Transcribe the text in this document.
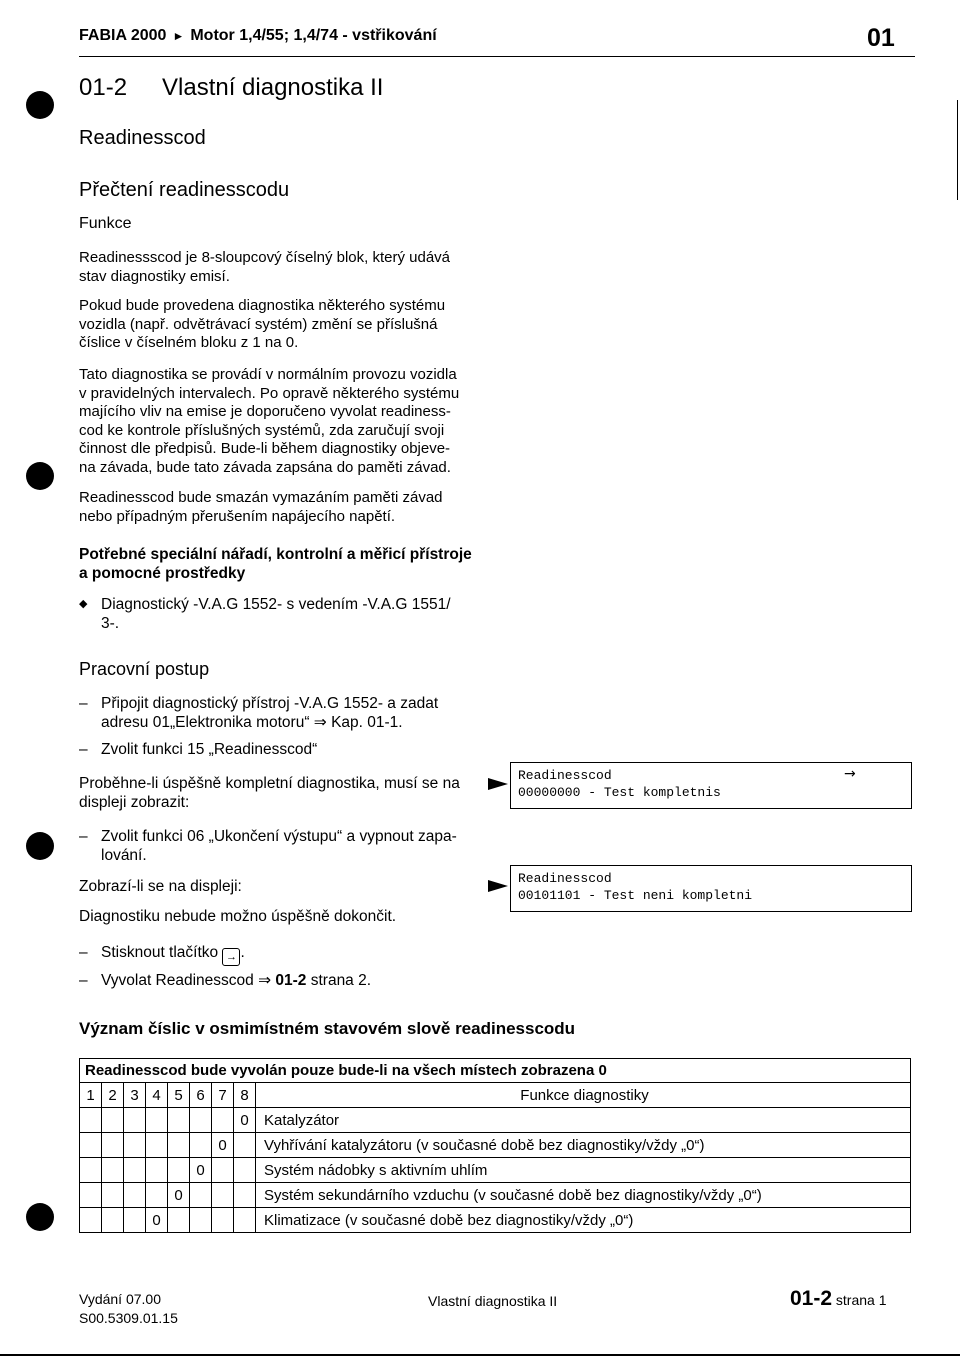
FABIA 2000 ► Motor 1,4/55; 1,4/74 - vstřikování	01
01-2 Vlastní diagnostika II
Readinesscod
Přečtení readinesscodu
Funkce
Readinessscod je 8-sloupcový číselný blok, který udává
stav diagnostiky emisí.
Pokud bude provedena diagnostika některého systému
vozidla (např. odvětrávací systém) změní se příslušná
číslice v číselném bloku z 1 na 0.
Tato diagnostika se provádí v normálním provozu vozidla
v pravidelných intervalech. Po opravě některého systému
majícího vliv na emise je doporučeno vyvolat readiness-
cod ke kontrole příslušných systémů, zda zaručují svoji
činnost dle předpisů. Bude-li během diagnostiky objeve-
na závada, bude tato závada zapsána do paměti závad.
Readinesscod bude smazán vymazáním paměti závad
nebo případným přerušením napájecího napětí.
Potřebné speciální nářadí, kontrolní a měřicí přístroje
a pomocné prostředky
◆ Diagnostický -V.A.G 1552- s vedením -V.A.G 1551/
3-.
Pracovní postup
– Připojit diagnostický přístroj -V.A.G 1552- a zadat
adresu 01„Elektronika motoru“ ⇒ Kap. 01-1.
– Zvolit funkci 15 „Readinesscod“
Proběhne-li úspěšně kompletní diagnostika, musí se na
displeji zobrazit:
Readinesscod	→
00000000 - Test kompletnis
– Zvolit funkci 06 „Ukončení výstupu“ a vypnout zapa-
lování.
Zobrazí-li se na displeji:	Readinesscod
00101101 - Test neni kompletni
Diagnostiku nebude možno úspěšně dokončit.
– Stisknout tlačítko → .
– Vyvolat Readinesscod ⇒ 01-2 strana 2.
Význam číslic v osmimístném stavovém slově readinesscodu
Readinesscod bude vyvolán pouze bude-li na všech místech zobrazena 0								
1	2	3	4	5	6	7	8	Funkce diagnostiky
							0	Katalyzátor
						0		Vyhřívání katalyzátoru (v současné době bez diagnostiky/vždy „0“)
					0			Systém nádobky s aktivním uhlím
				0				Systém sekundárního vzduchu (v současné době bez diagnostiky/vždy „0“)
			0					Klimatizace (v současné době bez diagnostiky/vždy „0“)
Vydání 07.00
S00.5309.01.15
Vlastní diagnostika II	01-2 strana 1
